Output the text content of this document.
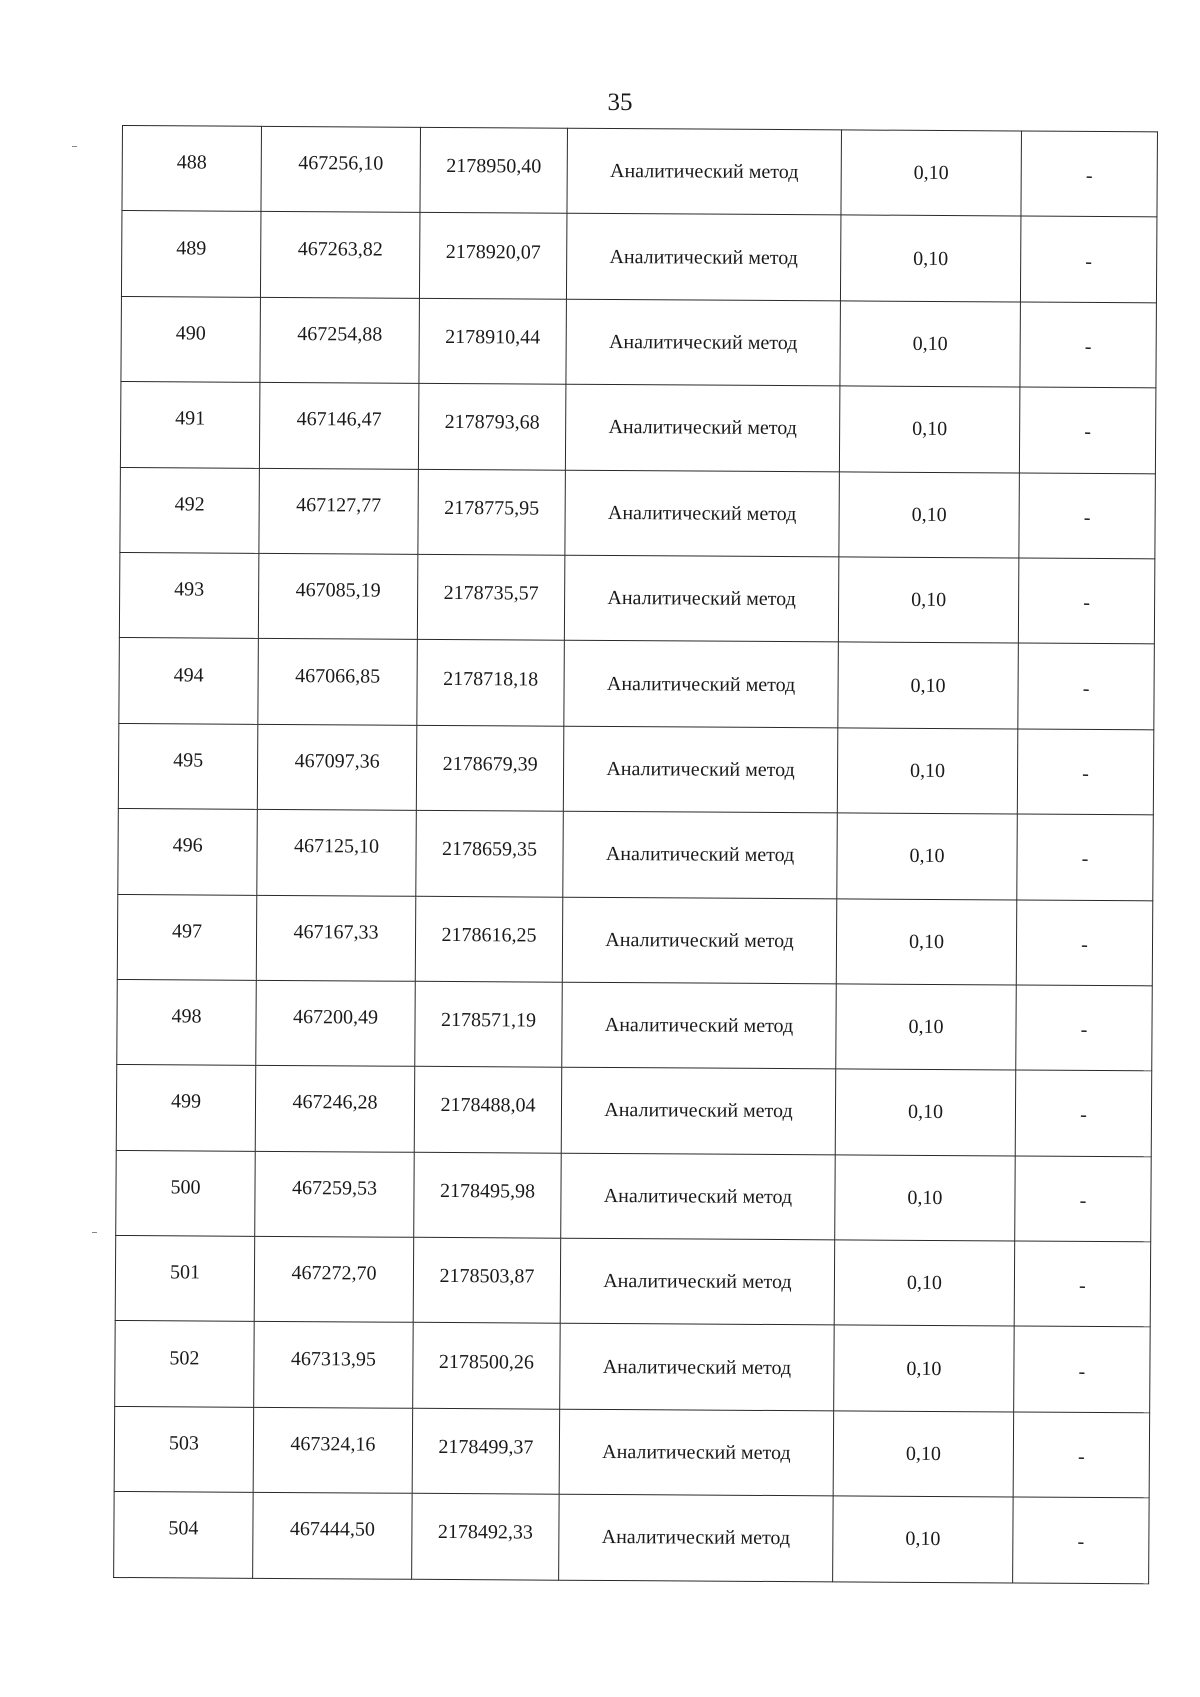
35
488	467256,10	2178950,40	Аналитический метод	0,10	-
489	467263,82	2178920,07	Аналитический метод	0,10	-
490	467254,88	2178910,44	Аналитический метод	0,10	-
491	467146,47	2178793,68	Аналитический метод	0,10	-
492	467127,77	2178775,95	Аналитический метод	0,10	-
493	467085,19	2178735,57	Аналитический метод	0,10	-
494	467066,85	2178718,18	Аналитический метод	0,10	-
495	467097,36	2178679,39	Аналитический метод	0,10	-
496	467125,10	2178659,35	Аналитический метод	0,10	-
497	467167,33	2178616,25	Аналитический метод	0,10	-
498	467200,49	2178571,19	Аналитический метод	0,10	-
499	467246,28	2178488,04	Аналитический метод	0,10	-
500	467259,53	2178495,98	Аналитический метод	0,10	-
501	467272,70	2178503,87	Аналитический метод	0,10	-
502	467313,95	2178500,26	Аналитический метод	0,10	-
503	467324,16	2178499,37	Аналитический метод	0,10	-
504	467444,50	2178492,33	Аналитический метод	0,10	-
